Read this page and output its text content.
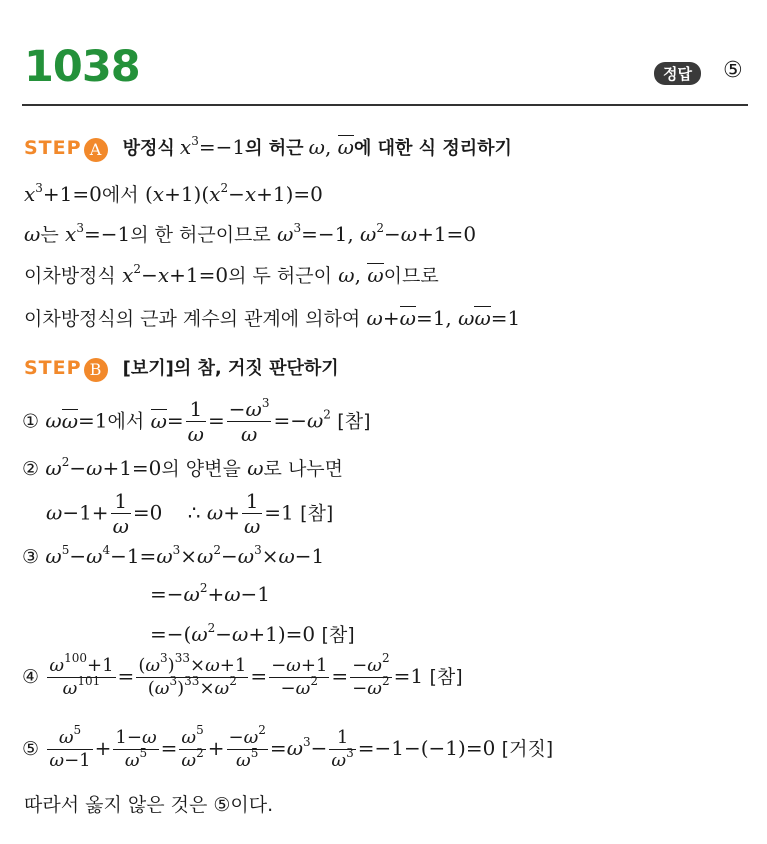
1038	정답	⑤
STEP A 방정식 $x^3=-1$의 허근 ω, ω에 대한 식 정리하기
$x^3+1=0$에서 $(x+1)(x^2-x+1)=0$
ω는 $x^3=-1$의 한 허근이므로 $\omega^3=-1$, $\omega^2-\omega+1=0$
이차방정식 $x^2-x+1=0$의 두 허근이 ω, ω이므로
이차방정식의 근과 계수의 관계에 의하여 ω+ω=1, ωω=1
STEP B [보기]의 참, 거짓 판단하기
① ωω=1에서 $\omega= \frac{1}{\omega} = \frac{-\omega^3}{\omega} =-\omega^2$ [참]
② $\omega^2-\omega+1=0$의 양변을 ω로 나누면
$\omega-1+ \frac{1}{\omega} =0$    ∴ $\omega+ \frac{1}{\omega} =1$ [참]
③ $\omega^5-\omega^4-1=\omega^3\times\omega^2-\omega^3\times\omega-1$
$=-\omega^2+\omega-1$
$=-(\omega^2-\omega+1)=0$ [참]
④ $\frac{\omega^{100}+1}{\omega^{101}} = \frac{(\omega^3)^{33}\times\omega+1}{(\omega^3)^{33}\times\omega^2} = \frac{-\omega+1}{-\omega^2} = \frac{-\omega^2}{-\omega^2} =1$ [참]
⑤ $\frac{\omega^5}{\omega-1} + \frac{1-\omega}{\omega^5} = \frac{\omega^5}{\omega^2} + \frac{-\omega^2}{\omega^5} =\omega^3- \frac{1}{\omega^3} =-1-(-1)=0$ [거짓]
따라서 옳지 않은 것은 ⑤이다.
